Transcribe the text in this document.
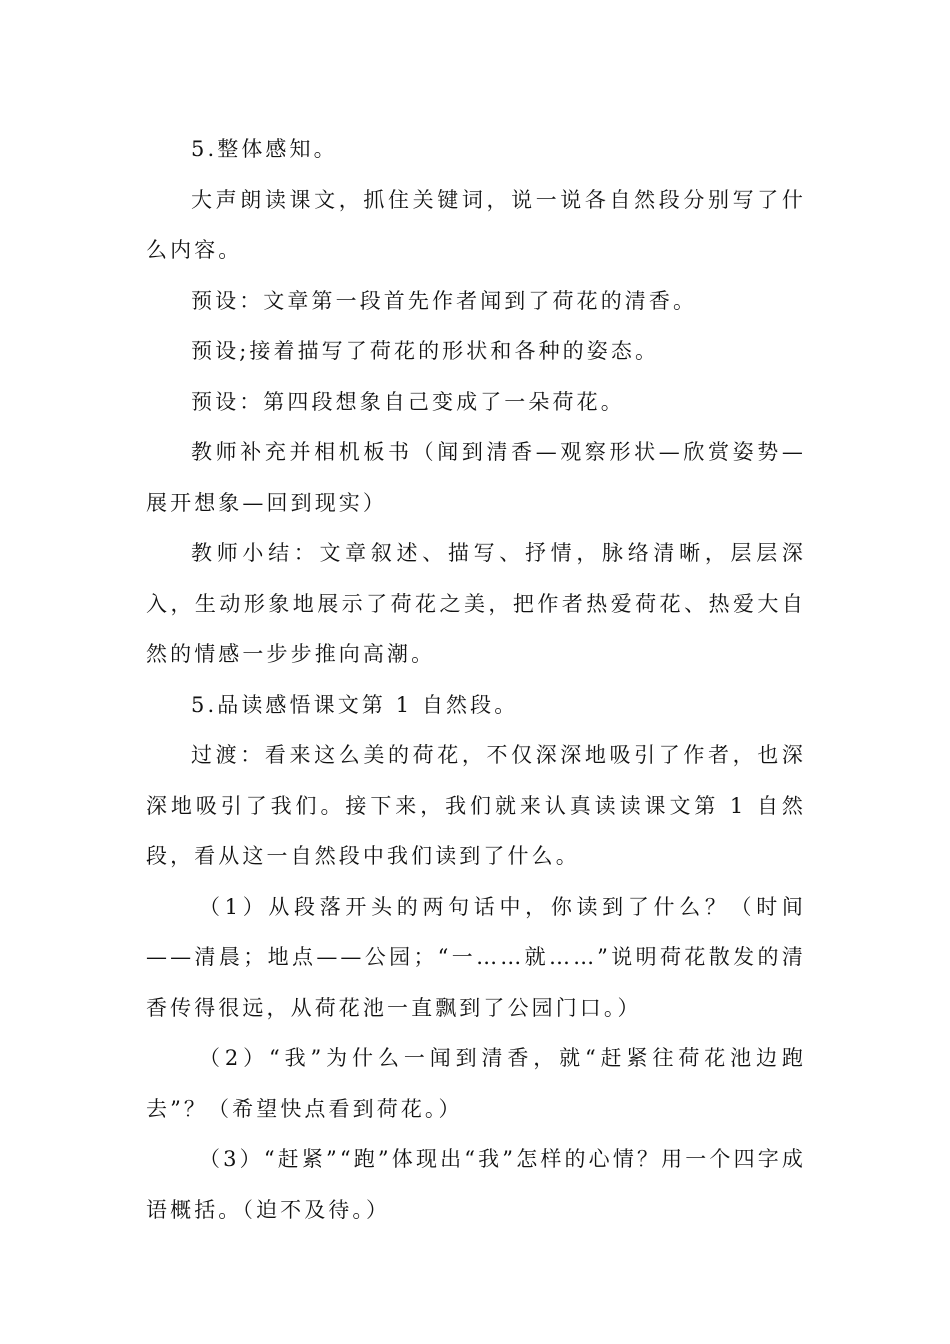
5.整体感知。

大声朗读课文，抓住关键词，说一说各自然段分别写了什么内容。

预设：文章第一段首先作者闻到了荷花的清香。

预设;接着描写了荷花的形状和各种的姿态。

预设：第四段想象自己变成了一朵荷花。

教师补充并相机板书（闻到清香—观察形状—欣赏姿势—展开想象—回到现实）

教师小结：文章叙述、描写、抒情，脉络清晰，层层深入，生动形象地展示了荷花之美，把作者热爱荷花、热爱大自然的情感一步步推向高潮。

5.品读感悟课文第 1 自然段。

过渡：看来这么美的荷花，不仅深深地吸引了作者，也深深地吸引了我们。接下来，我们就来认真读读课文第 1 自然段，看从这一自然段中我们读到了什么。

（1）从段落开头的两句话中，你读到了什么？（时间——清晨；地点——公园；“一……就……”说明荷花散发的清香传得很远，从荷花池一直飘到了公园门口。）

（2）“我”为什么一闻到清香，就“赶紧往荷花池边跑去”？（希望快点看到荷花。）

（3）“赶紧”“跑”体现出“我”怎样的心情？用一个四字成语概括。（迫不及待。）
